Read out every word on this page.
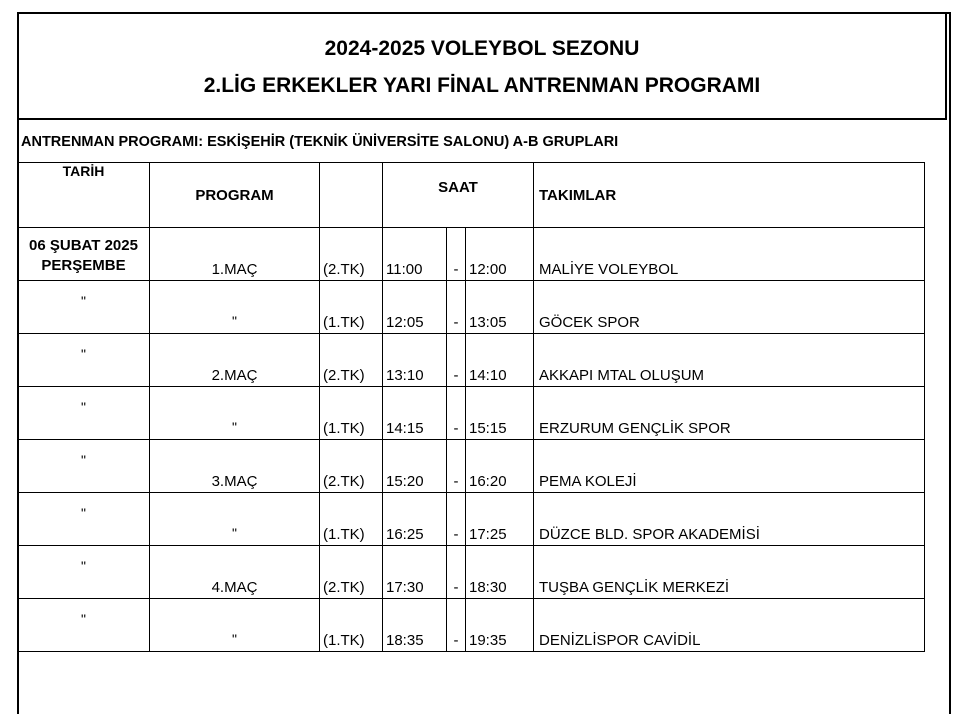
2024-2025 VOLEYBOL SEZONU
2.LİG ERKEKLER YARI FİNAL ANTRENMAN PROGRAMI
ANTRENMAN PROGRAMI: ESKİŞEHİR (TEKNİK ÜNİVERSİTE SALONU) A-B GRUPLARI
TARİH	PROGRAM		SAAT			TAKIMLAR

06 ŞUBAT 2025
PERŞEMBE	1.MAÇ	(2.TK)	11:00	-	12:00	MALİYE VOLEYBOL

"	"	(1.TK)	12:05	-	13:05	GÖCEK SPOR

"	2.MAÇ	(2.TK)	13:10	-	14:10	AKKAPI MTAL OLUŞUM

"	"	(1.TK)	14:15	-	15:15	ERZURUM GENÇLİK SPOR

"	3.MAÇ	(2.TK)	15:20	-	16:20	PEMA KOLEJİ

"	"	(1.TK)	16:25	-	17:25	DÜZCE BLD. SPOR AKADEMİSİ

"	4.MAÇ	(2.TK)	17:30	-	18:30	TUŞBA GENÇLİK MERKEZİ

"	"	(1.TK)	18:35	-	19:35	DENİZLİSPOR CAVİDİL
